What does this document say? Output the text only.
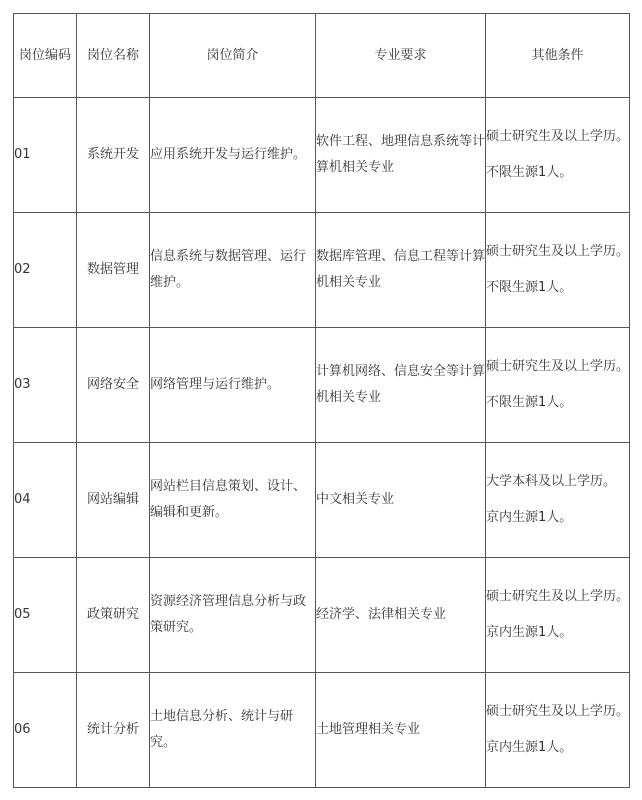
岗位编码	岗位名称	岗位简介	专业要求	其他条件
01	系统开发	应用系统开发与运行维护。	软件工程、地理信息系统等计算机相关专业	硕士研究生及以上学历。
不限生源1人。

02	数据管理	信息系统与数据管理、运行维护。	数据库管理、信息工程等计算机相关专业	硕士研究生及以上学历。
不限生源1人。

03	网络安全	网络管理与运行维护。	计算机网络、信息安全等计算机相关专业	硕士研究生及以上学历。
不限生源1人。

04	网站编辑	网站栏目信息策划、设计、编辑和更新。	中文相关专业	大学本科及以上学历。
京内生源1人。

05	政策研究	资源经济管理信息分析与政策研究。	经济学、法律相关专业	硕士研究生及以上学历。
京内生源1人。

06	统计分析	土地信息分析、统计与研究。	土地管理相关专业	硕士研究生及以上学历。
京内生源1人。
